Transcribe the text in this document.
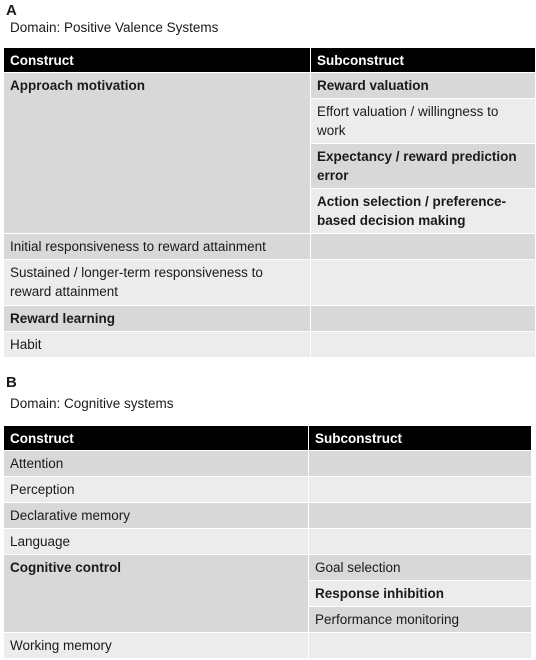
A
Domain: Positive Valence Systems
Construct	Subconstruct

Approach motivation	Reward valuation

	Effort valuation / willingness to work

	Expectancy / reward prediction error

	Action selection / preference-based decision making

Initial responsiveness to reward attainment	

Sustained / longer-term responsiveness to reward attainment	

Reward learning	

Habit	

B
Domain: Cognitive systems
Construct	Subconstruct

Attention	

Perception	

Declarative memory	

Language	

Cognitive control	Goal selection

	Response inhibition

	Performance monitoring

Working memory	
